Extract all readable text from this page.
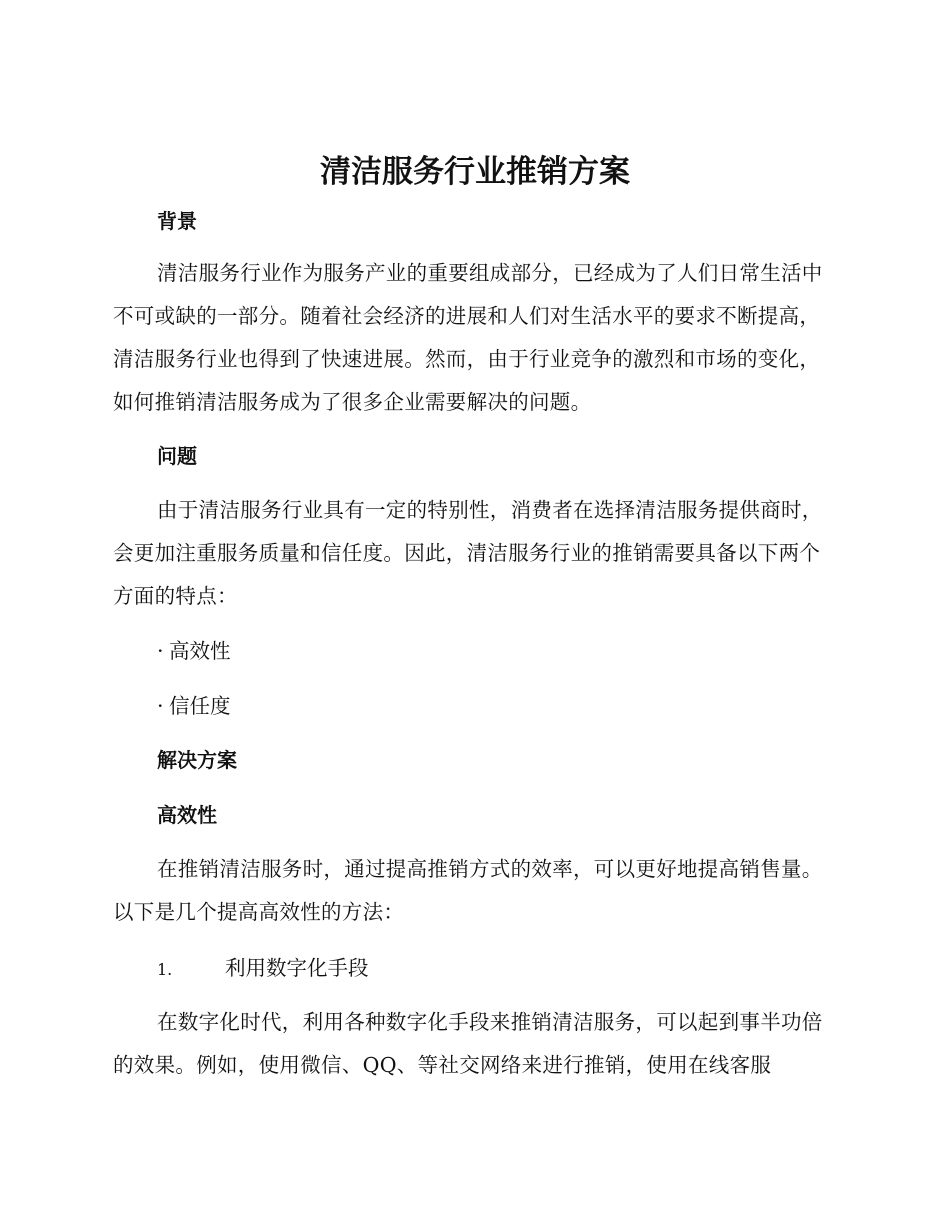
清洁服务行业推销方案
背景

清洁服务行业作为服务产业的重要组成部分，已经成为了人们日常生活中不可或缺的一部分。随着社会经济的进展和人们对生活水平的要求不断提高，清洁服务行业也得到了快速进展。然而，由于行业竞争的激烈和市场的变化，如何推销清洁服务成为了很多企业需要解决的问题。

问题

由于清洁服务行业具有一定的特别性，消费者在选择清洁服务提供商时，会更加注重服务质量和信任度。因此，清洁服务行业的推销需要具备以下两个方面的特点：

· 高效性

· 信任度

解决方案
高效性

在推销清洁服务时，通过提高推销方式的效率，可以更好地提高销售量。以下是几个提高高效性的方法：

1.	利用数字化手段

在数字化时代，利用各种数字化手段来推销清洁服务，可以起到事半功倍的效果。例如，使用微信、QQ、等社交网络来进行推销，使用在线客服
